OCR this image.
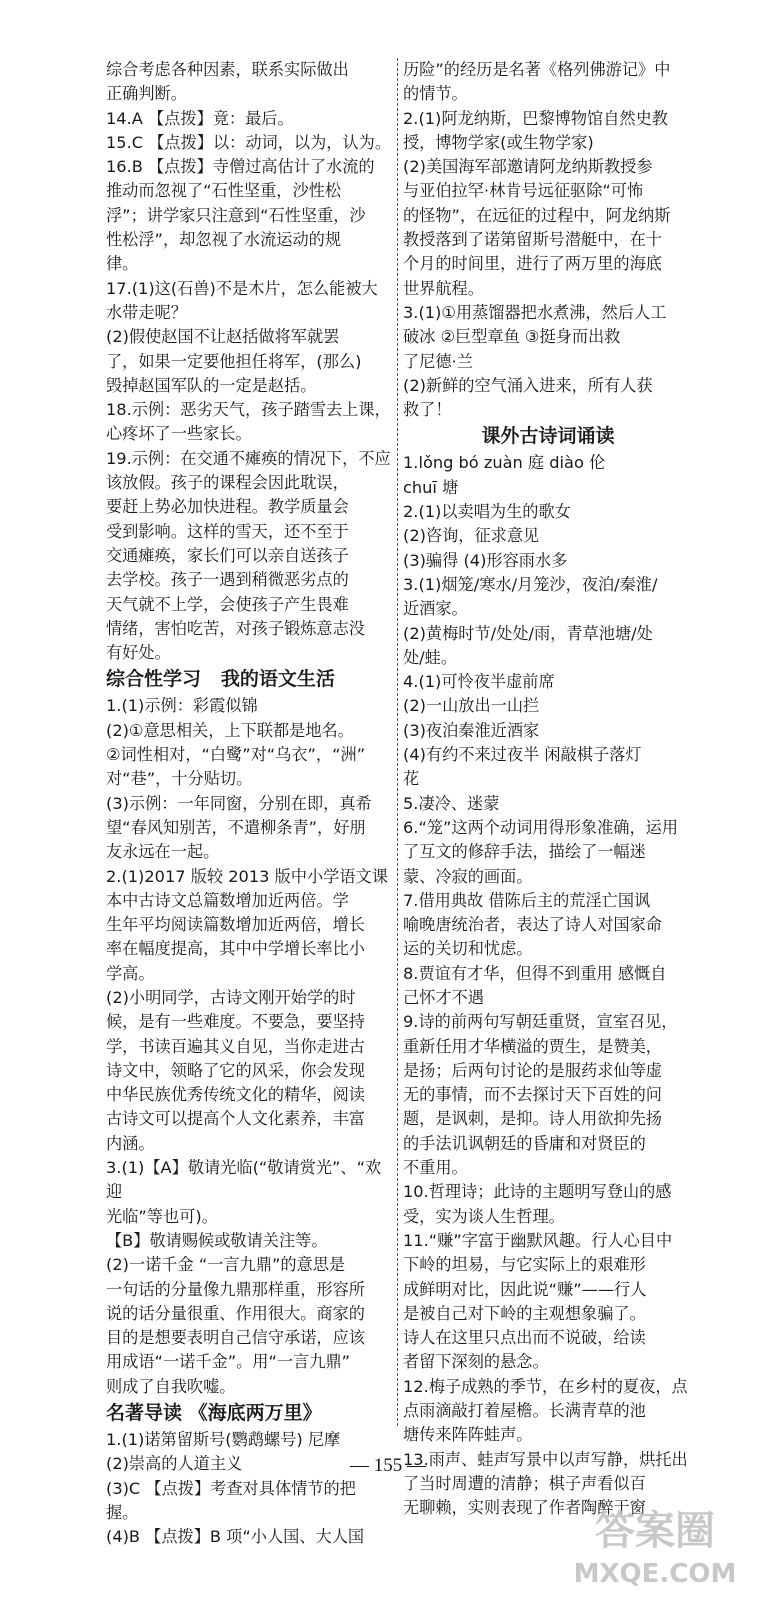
综合考虑各种因素，联系实际做出
正确判断。
14.A 【点拨】竟：最后。
15.C 【点拨】以：动词，以为，认为。
16.B 【点拨】寺僧过高估计了水流的
推动而忽视了“石性坚重，沙性松
浮”；讲学家只注意到“石性坚重，沙
性松浮”，却忽视了水流运动的规
律。
17.(1)这(石兽)不是木片，怎么能被大
水带走呢？
(2)假使赵国不让赵括做将军就罢
了，如果一定要他担任将军，(那么)
毁掉赵国军队的一定是赵括。
18.示例：恶劣天气，孩子踏雪去上课，
心疼坏了一些家长。
19.示例：在交通不瘫痪的情况下，不应
该放假。孩子的课程会因此耽误，
要赶上势必加快进程。教学质量会
受到影响。这样的雪天，还不至于
交通瘫痪，家长们可以亲自送孩子
去学校。孩子一遇到稍微恶劣点的
天气就不上学，会使孩子产生畏难
情绪，害怕吃苦，对孩子锻炼意志没
有好处。
综合性学习   我的语文生活
1.(1)示例：彩霞似锦
(2)①意思相关，上下联都是地名。
②词性相对，“白鹭”对“乌衣”，“洲”
对“巷”，十分贴切。
(3)示例：一年同窗，分别在即，真希
望“春风知别苦，不遣柳条青”，好朋
友永远在一起。
2.(1)2017 版较 2013 版中小学语文课
本中古诗文总篇数增加近两倍。学
生年平均阅读篇数增加近两倍，增长
率在幅度提高，其中中学增长率比小
学高。
(2)小明同学，古诗文刚开始学的时
候，是有一些难度。不要急，要坚持
学，书读百遍其义自见，当你走进古
诗文中，领略了它的风采，你会发现
中华民族优秀传统文化的精华，阅读
古诗文可以提高个人文化素养，丰富
内涵。
3.(1)【A】敬请光临(“敬请赏光”、“欢迎
光临”等也可)。
【B】敬请赐候或敬请关注等。
(2)一诺千金 “一言九鼎”的意思是
一句话的分量像九鼎那样重，形容所
说的话分量很重、作用很大。商家的
目的是想要表明自己信守承诺，应该
用成语“一诺千金”。用“一言九鼎”
则成了自我吹嘘。
名著导读 《海底两万里》
1.(1)诺第留斯号(鹦鹉螺号) 尼摩
(2)崇高的人道主义
(3)C 【点拨】考查对具体情节的把
握。
(4)B 【点拨】B 项“小人国、大人国
历险”的经历是名著《格列佛游记》中
的情节。
2.(1)阿龙纳斯，巴黎博物馆自然史教
授，博物学家(或生物学家)
(2)美国海军部邀请阿龙纳斯教授参
与亚伯拉罕·林肯号远征驱除“可怖
的怪物”，在远征的过程中，阿龙纳斯
教授落到了诺第留斯号潜艇中，在十
个月的时间里，进行了两万里的海底
世界航程。
3.(1)①用蒸馏器把水煮沸，然后人工
破冰 ②巨型章鱼 ③挺身而出救
了尼德·兰
(2)新鲜的空气涌入进来，所有人获
救了！
课外古诗词诵读
1.lǒng bó zuàn 庭 diào 伦
chuī 塘
2.(1)以卖唱为生的歌女
(2)咨询，征求意见
(3)骗得 (4)形容雨水多
3.(1)烟笼/寒水/月笼沙，夜泊/秦淮/
近酒家。
(2)黄梅时节/处处/雨，青草池塘/处
处/蛙。
4.(1)可怜夜半虚前席
(2)一山放出一山拦
(3)夜泊秦淮近酒家
(4)有约不来过夜半 闲敲棋子落灯
花
5.凄冷、迷蒙
6.“笼”这两个动词用得形象准确，运用
了互文的修辞手法，描绘了一幅迷
蒙、冷寂的画面。
7.借用典故 借陈后主的荒淫亡国讽
喻晚唐统治者，表达了诗人对国家命
运的关切和忧虑。
8.贾谊有才华，但得不到重用 感慨自
己怀才不遇
9.诗的前两句写朝廷重贤，宣室召见，
重新任用才华横溢的贾生，是赞美，
是扬；后两句讨论的是服药求仙等虚
无的事情，而不去探讨天下百姓的问
题，是讽刺，是抑。诗人用欲抑先扬
的手法讥讽朝廷的昏庸和对贤臣的
不重用。
10.哲理诗；此诗的主题明写登山的感
受，实为谈人生哲理。
11.“赚”字富于幽默风趣。行人心目中
下岭的坦易，与它实际上的艰难形
成鲜明对比，因此说“赚”——行人
是被自己对下岭的主观想象骗了。
诗人在这里只点出而不说破，给读
者留下深刻的悬念。
12.梅子成熟的季节，在乡村的夏夜，点
点雨滴敲打着屋檐。长满青草的池
塘传来阵阵蛙声。
13.雨声、蛙声写景中以声写静，烘托出
了当时周遭的清静；棋子声看似百
无聊赖，实则表现了作者陶醉于窗
— 155 —
答案圈
MXQE.COM
